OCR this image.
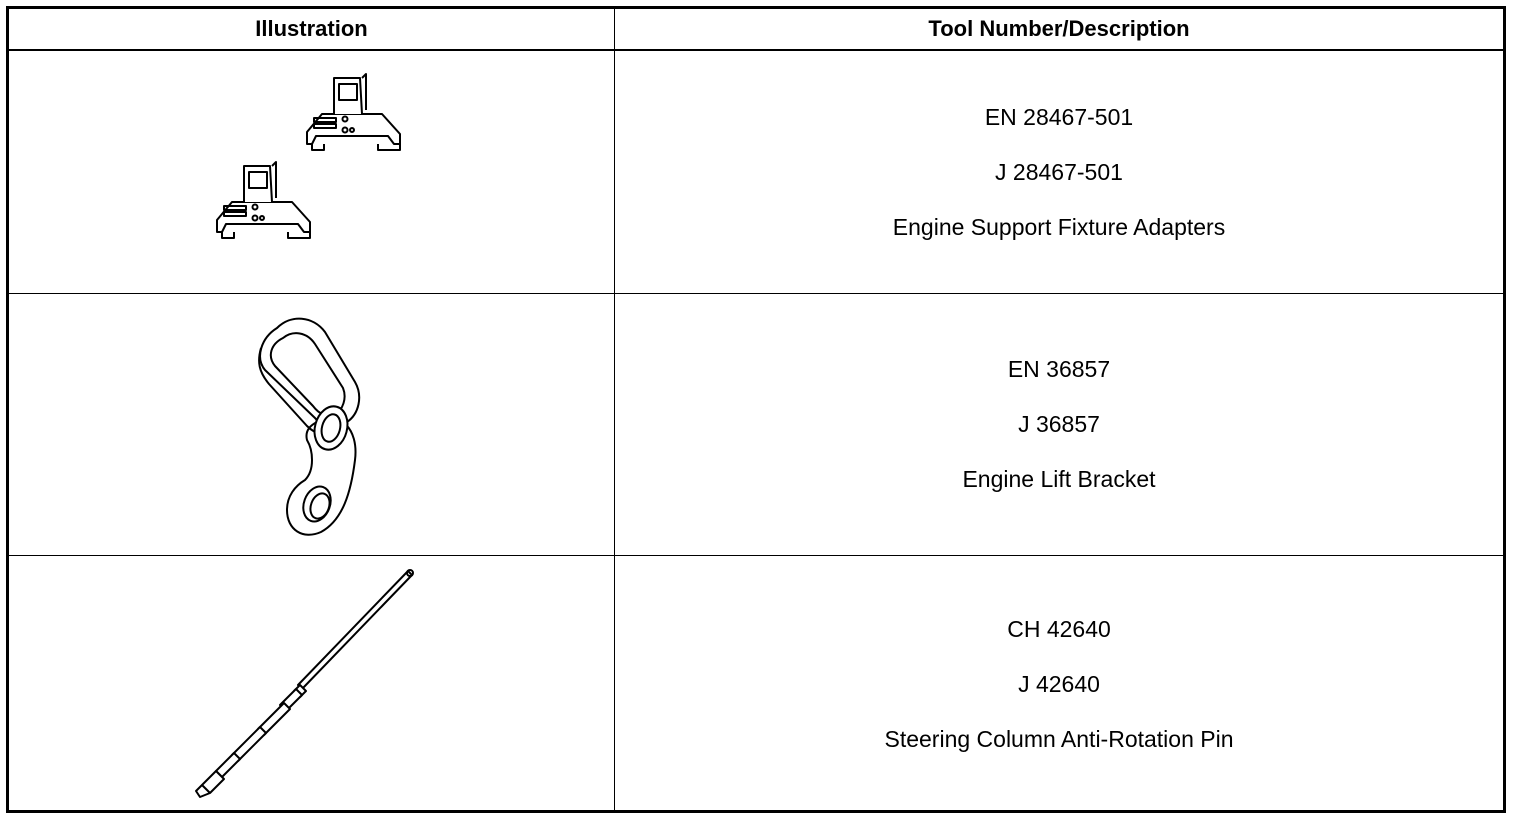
Illustration	Tool Number/Description
EN 28467-501
J 28467-501
Engine Support Fixture Adapters
EN 36857
J 36857
Engine Lift Bracket
CH 42640
J 42640
Steering Column Anti-Rotation Pin
